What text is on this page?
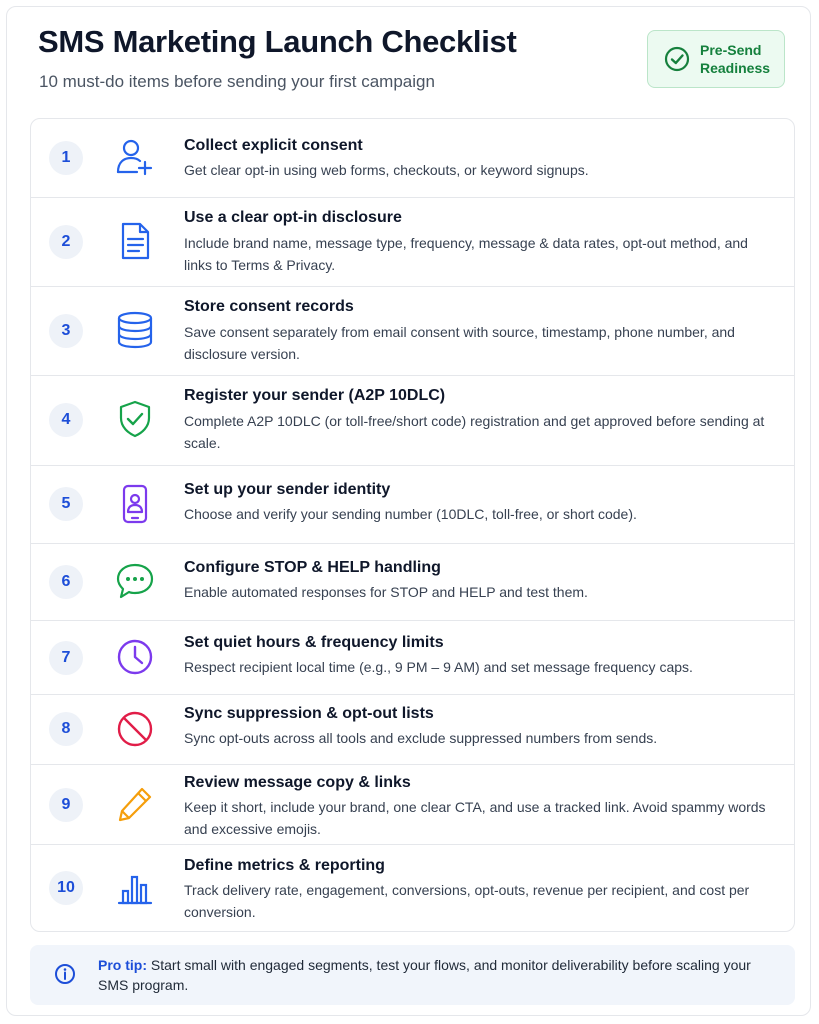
SMS Marketing Launch Checklist
10 must-do items before sending your first campaign
Pre-Send
Readiness
1
Collect explicit consent
Get clear opt-in using web forms, checkouts, or keyword signups.
2
Use a clear opt-in disclosure
Include brand name, message type, frequency, message & data rates, opt-out method, and links to Terms & Privacy.
3
Store consent records
Save consent separately from email consent with source, timestamp, phone number, and disclosure version.
4
Register your sender (A2P 10DLC)
Complete A2P 10DLC (or toll-free/short code) registration and get approved before sending at scale.
5
Set up your sender identity
Choose and verify your sending number (10DLC, toll-free, or short code).
6
Configure STOP & HELP handling
Enable automated responses for STOP and HELP and test them.
7
Set quiet hours & frequency limits
Respect recipient local time (e.g., 9 PM – 9 AM) and set message frequency caps.
8
Sync suppression & opt-out lists
Sync opt-outs across all tools and exclude suppressed numbers from sends.
9
Review message copy & links
Keep it short, include your brand, one clear CTA, and use a tracked link. Avoid spammy words and excessive emojis.
10
Define metrics & reporting
Track delivery rate, engagement, conversions, opt-outs, revenue per recipient, and cost per conversion.
Pro tip: Start small with engaged segments, test your flows, and monitor deliverability before scaling your SMS program.
